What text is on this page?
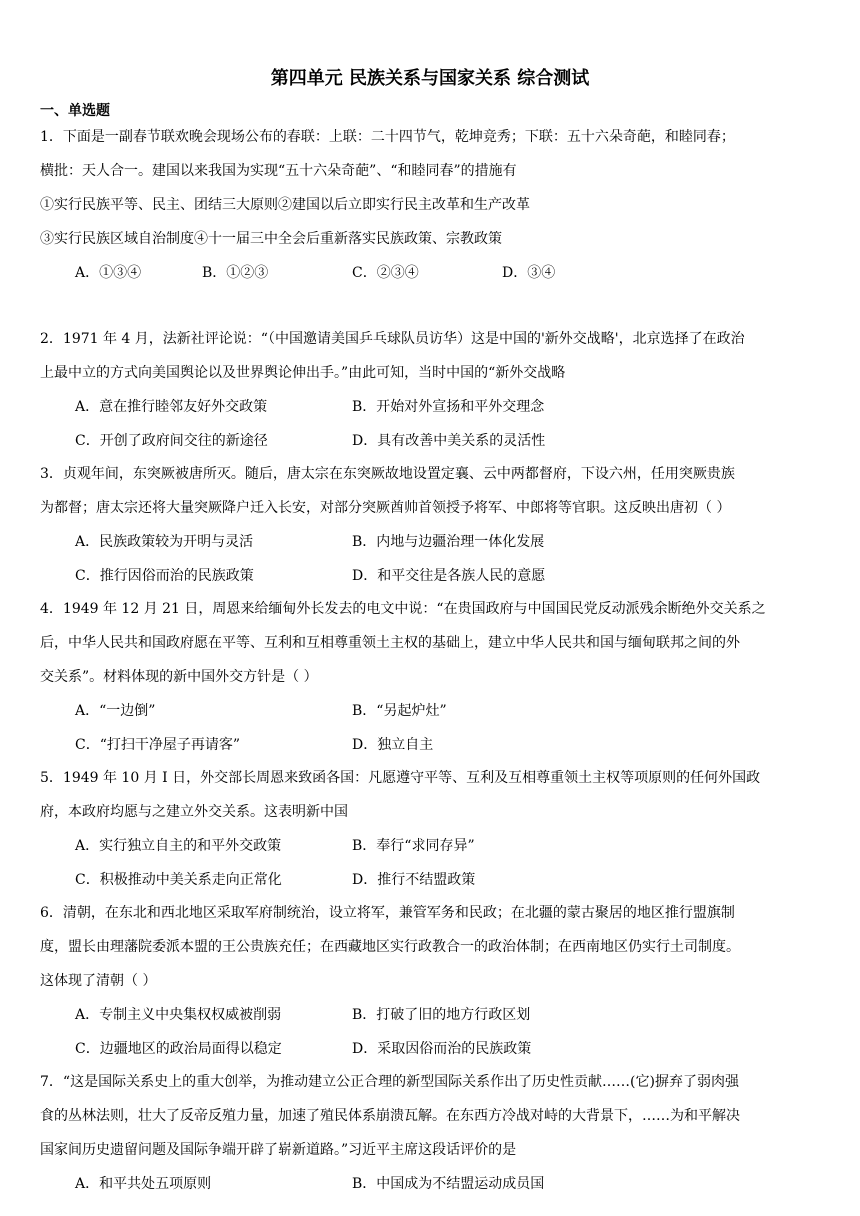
第四单元 民族关系与国家关系 综合测试
一、单选题

1．下面是一副春节联欢晚会现场公布的春联：上联：二十四节气，乾坤竞秀；下联：五十六朵奇葩，和睦同春；

横批：天人合一。建国以来我国为实现“五十六朵奇葩”、“和睦同春”的措施有

①实行民族平等、民主、团结三大原则②建国以后立即实行民主改革和生产改革

③实行民族区域自治制度④十一届三中全会后重新落实民族政策、宗教政策

A．①③④	B．①②③	C．②③④	D．③④

2．1971 年 4 月，法新社评论说：“（中国邀请美国乒乓球队员访华）这是中国的'新外交战略'，北京选择了在政治

上最中立的方式向美国舆论以及世界舆论伸出手。”由此可知，当时中国的“新外交战略

A．意在推行睦邻友好外交政策	B．开始对外宣扬和平外交理念
C．开创了政府间交往的新途径	D．具有改善中美关系的灵活性

3．贞观年间，东突厥被唐所灭。随后，唐太宗在东突厥故地设置定襄、云中两都督府，下设六州，任用突厥贵族

为都督；唐太宗还将大量突厥降户迁入长安，对部分突厥酋帅首领授予将军、中郎将等官职。这反映出唐初（ ）

A．民族政策较为开明与灵活	B．内地与边疆治理一体化发展
C．推行因俗而治的民族政策	D．和平交往是各族人民的意愿

4．1949 年 12 月 21 日，周恩来给缅甸外长发去的电文中说：“在贵国政府与中国国民党反动派残余断绝外交关系之

后，中华人民共和国政府愿在平等、互利和互相尊重领土主权的基础上，建立中华人民共和国与缅甸联邦之间的外

交关系”。材料体现的新中国外交方针是（ ）

A．“一边倒”	B．“另起炉灶”
C．“打扫干净屋子再请客”	D．独立自主

5．1949 年 10 月 I 日，外交部长周恩来致函各国：凡愿遵守平等、互利及互相尊重领土主权等项原则的任何外国政

府，本政府均愿与之建立外交关系。这表明新中国

A．实行独立自主的和平外交政策	B．奉行“求同存异”
C．积极推动中美关系走向正常化	D．推行不结盟政策

6．清朝，在东北和西北地区采取军府制统治，设立将军，兼管军务和民政；在北疆的蒙古聚居的地区推行盟旗制

度，盟长由理藩院委派本盟的王公贵族充任；在西藏地区实行政教合一的政治体制；在西南地区仍实行土司制度。

这体现了清朝（ ）

A．专制主义中央集权权威被削弱	B．打破了旧的地方行政区划
C．边疆地区的政治局面得以稳定	D．采取因俗而治的民族政策

7．“这是国际关系史上的重大创举，为推动建立公正合理的新型国际关系作出了历史性贡献……(它)摒弃了弱肉强

食的丛林法则，壮大了反帝反殖力量，加速了殖民体系崩溃瓦解。在东西方冷战对峙的大背景下，……为和平解决

国家间历史遗留问题及国际争端开辟了崭新道路。”习近平主席这段话评价的是

A．和平共处五项原则	B．中国成为不结盟运动成员国
